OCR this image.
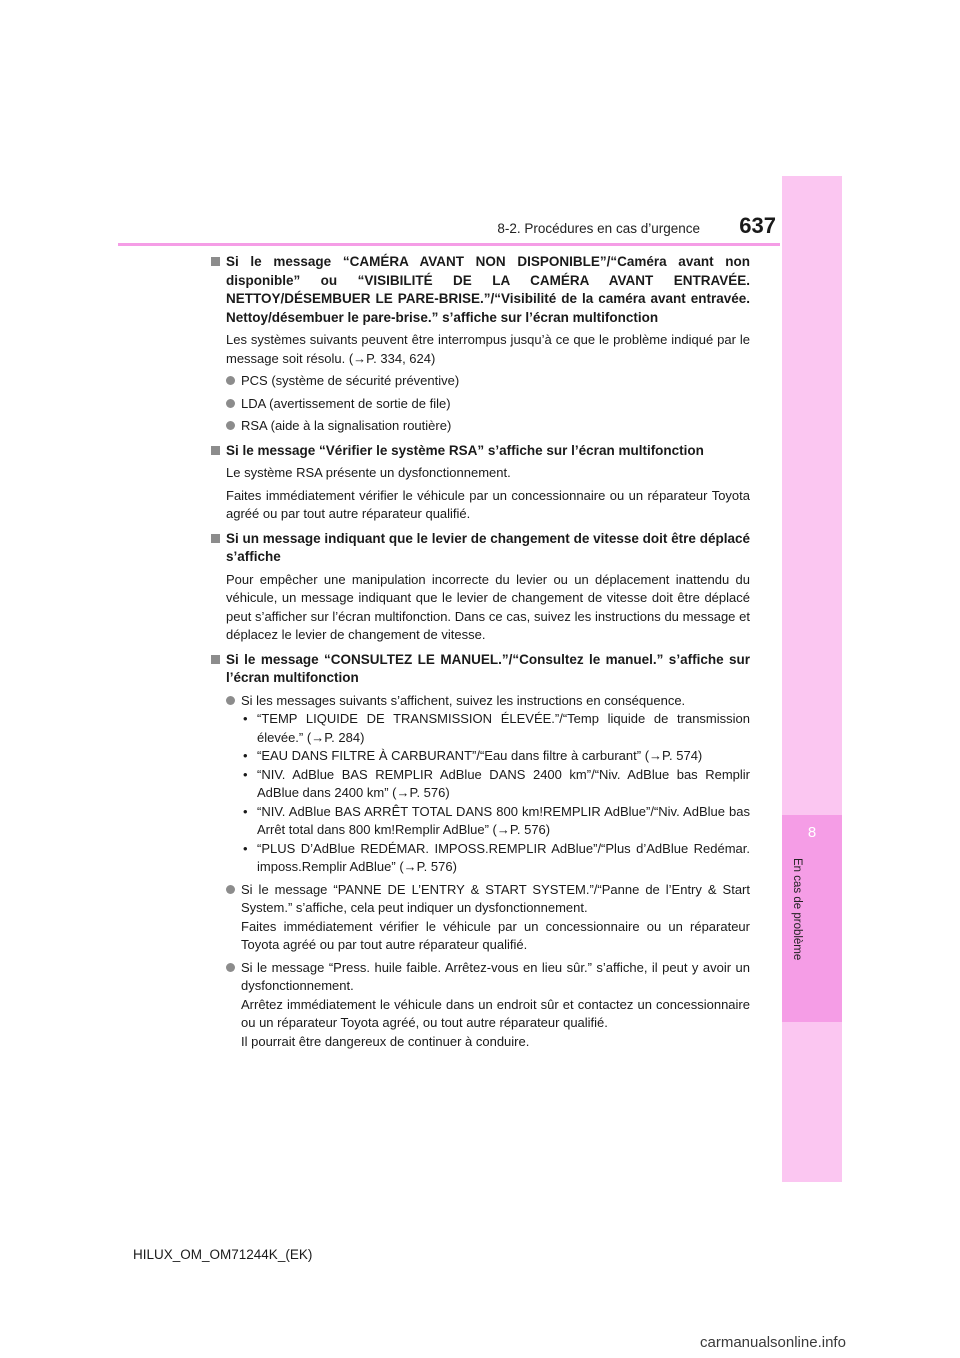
8-2. Procédures en cas d’urgence	637
8
En cas de problème
Si le message “CAMÉRA AVANT NON DISPONIBLE”/“Caméra avant non disponible” ou “VISIBILITÉ DE LA CAMÉRA AVANT ENTRAVÉE. NETTOY/DÉSEMBUER LE PARE-BRISE.”/“Visibilité de la caméra avant entravée. Nettoy/désembuer le pare-brise.” s’affiche sur l’écran multifonction
Les systèmes suivants peuvent être interrompus jusqu’à ce que le problème indiqué par le message soit résolu. (→P. 334, 624)
PCS (système de sécurité préventive)
LDA (avertissement de sortie de file)
RSA (aide à la signalisation routière)
Si le message “Vérifier le système RSA” s’affiche sur l’écran multifonction
Le système RSA présente un dysfonctionnement.
Faites immédiatement vérifier le véhicule par un concessionnaire ou un réparateur Toyota agréé ou par tout autre réparateur qualifié.
Si un message indiquant que le levier de changement de vitesse doit être déplacé s’affiche
Pour empêcher une manipulation incorrecte du levier ou un déplacement inattendu du véhicule, un message indiquant que le levier de changement de vitesse doit être déplacé peut s’afficher sur l’écran multifonction. Dans ce cas, suivez les instructions du message et déplacez le levier de changement de vitesse.
Si le message “CONSULTEZ LE MANUEL.”/“Consultez le manuel.” s’affiche sur l’écran multifonction
Si les messages suivants s’affichent, suivez les instructions en conséquence.
• “TEMP LIQUIDE DE TRANSMISSION ÉLEVÉE.”/“Temp liquide de transmission élevée.” (→P. 284)
• “EAU DANS FILTRE À CARBURANT”/“Eau dans filtre à carburant” (→P. 574)
• “NIV. AdBlue BAS REMPLIR AdBlue DANS 2400 km”/“Niv. AdBlue bas Remplir AdBlue dans 2400 km” (→P. 576)
• “NIV. AdBlue BAS ARRÊT TOTAL DANS 800 km!REMPLIR AdBlue”/“Niv. AdBlue bas Arrêt total dans 800 km!Remplir AdBlue” (→P. 576)
• “PLUS D’AdBlue REDÉMAR. IMPOSS.REMPLIR AdBlue”/“Plus d’AdBlue Redémar. imposs.Remplir AdBlue” (→P. 576)
Si le message “PANNE DE L’ENTRY & START SYSTEM.”/“Panne de l’Entry & Start System.” s’affiche, cela peut indiquer un dysfonctionnement.
Faites immédiatement vérifier le véhicule par un concessionnaire ou un réparateur Toyota agréé ou par tout autre réparateur qualifié.
Si le message “Press. huile faible. Arrêtez-vous en lieu sûr.” s’affiche, il peut y avoir un dysfonctionnement.
Arrêtez immédiatement le véhicule dans un endroit sûr et contactez un concessionnaire ou un réparateur Toyota agréé, ou tout autre réparateur qualifié.
Il pourrait être dangereux de continuer à conduire.
HILUX_OM_OM71244K_(EK)
carmanualsonline.info
